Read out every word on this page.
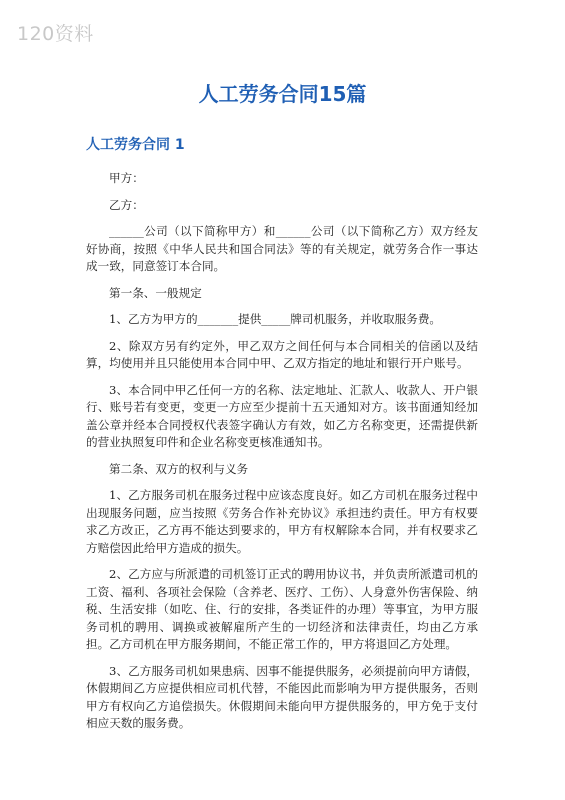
120资料
人工劳务合同15篇
人工劳务合同 1

甲方：

乙方：

______公司（以下简称甲方）和______公司（以下简称乙方）双方经友好协商，按照《中华人民共和国合同法》等的有关规定，就劳务合作一事达成一致，同意签订本合同。

第一条、一般规定

1、乙方为甲方的_______提供_____牌司机服务，并收取服务费。

2、除双方另有约定外，甲乙双方之间任何与本合同相关的信函以及结算，均使用并且只能使用本合同中甲、乙双方指定的地址和银行开户账号。

3、本合同中甲乙任何一方的名称、法定地址、汇款人、收款人、开户银行、账号若有变更，变更一方应至少提前十五天通知对方。该书面通知经加盖公章并经本合同授权代表签字确认方有效，如乙方名称变更，还需提供新的营业执照复印件和企业名称变更核准通知书。

第二条、双方的权利与义务

1、乙方服务司机在服务过程中应该态度良好。如乙方司机在服务过程中出现服务问题，应当按照《劳务合作补充协议》承担违约责任。甲方有权要求乙方改正，乙方再不能达到要求的，甲方有权解除本合同，并有权要求乙方赔偿因此给甲方造成的损失。

2、乙方应与所派遣的司机签订正式的聘用协议书，并负责所派遣司机的工资、福利、各项社会保险（含养老、医疗、工伤）、人身意外伤害保险、纳税、生活安排（如吃、住、行的安排，各类证件的办理）等事宜，为甲方服务司机的聘用、调换或被解雇所产生的一切经济和法律责任，均由乙方承担。乙方司机在甲方服务期间，不能正常工作的，甲方将退回乙方处理。

3、乙方服务司机如果患病、因事不能提供服务，必须提前向甲方请假，休假期间乙方应提供相应司机代替，不能因此而影响为甲方提供服务，否则甲方有权向乙方追偿损失。休假期间未能向甲方提供服务的，甲方免于支付相应天数的服务费。
